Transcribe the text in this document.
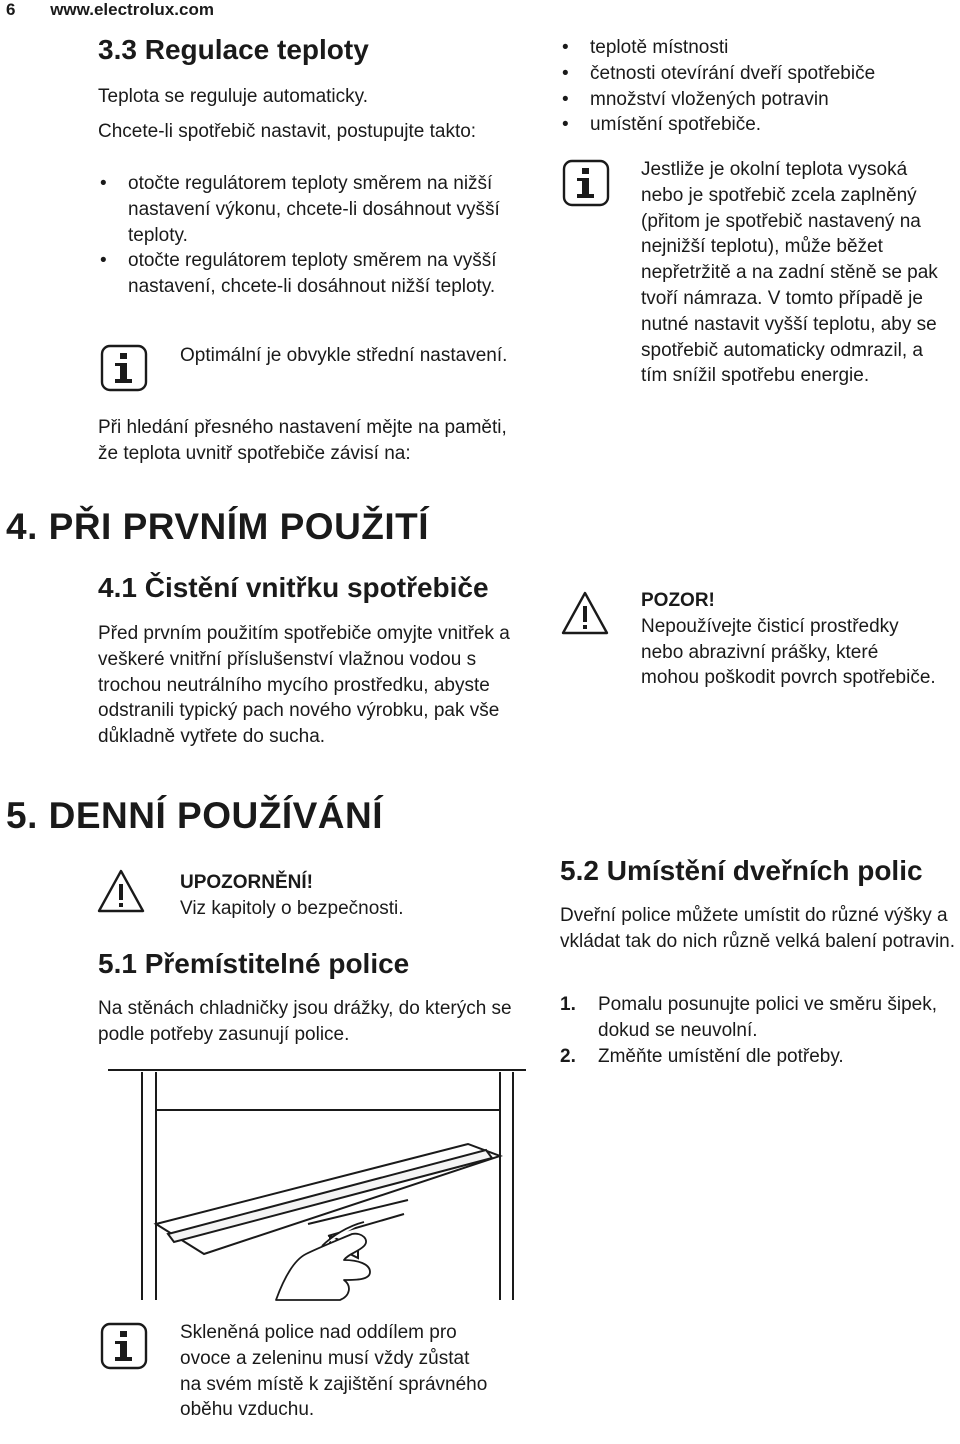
6 www.electrolux.com
3.3 Regulace teploty

Teplota se reguluje automaticky.

Chcete-li spotřebič nastavit, postupujte takto:

• otočte regulátorem teploty směrem na nižší nastavení výkonu, chcete-li dosáhnout vyšší teploty.
• otočte regulátorem teploty směrem na vyšší nastavení, chcete-li dosáhnout nižší teploty.

Optimální je obvykle střední nastavení.

Při hledání přesného nastavení mějte na paměti, že teplota uvnitř spotřebiče závisí na:

4. PŘI PRVNÍM POUŽITÍ
4.1 Čistění vnitřku spotřebiče

Před prvním použitím spotřebiče omyjte vnitřek a veškeré vnitřní příslušenství vlažnou vodou s trochou neutrálního mycího prostředku, abyste odstranili typický pach nového výrobku, pak vše důkladně vytřete do sucha.

5. DENNÍ POUŽÍVÁNÍ

UPOZORNĚNÍ!
Viz kapitoly o bezpečnosti.

5.1 Přemístitelné police

Na stěnách chladničky jsou drážky, do kterých se podle potřeby zasunují police.

• teplotě místnosti
• četnosti otevírání dveří spotřebiče
• množství vložených potravin
• umístění spotřebiče.

Jestliže je okolní teplota vysoká nebo je spotřebič zcela zaplněný (přitom je spotřebič nastavený na nejnižší teplotu), může běžet nepřetržitě a na zadní stěně se pak tvoří námraza. V tomto případě je nutné nastavit vyšší teplotu, aby se spotřebič automaticky odmrazil, a tím snížil spotřebu energie.

POZOR!
Nepoužívejte čisticí prostředky nebo abrazivní prášky, které mohou poškodit povrch spotřebiče.

5.2 Umístění dveřních polic

Dveřní police můžete umístit do různé výšky a vkládat tak do nich různě velká balení potravin.

1. Pomalu posunujte polici ve směru šipek, dokud se neuvolní.
2. Změňte umístění dle potřeby.

Skleněná police nad oddílem pro ovoce a zeleninu musí vždy zůstat na svém místě k zajištění správného oběhu vzduchu.
